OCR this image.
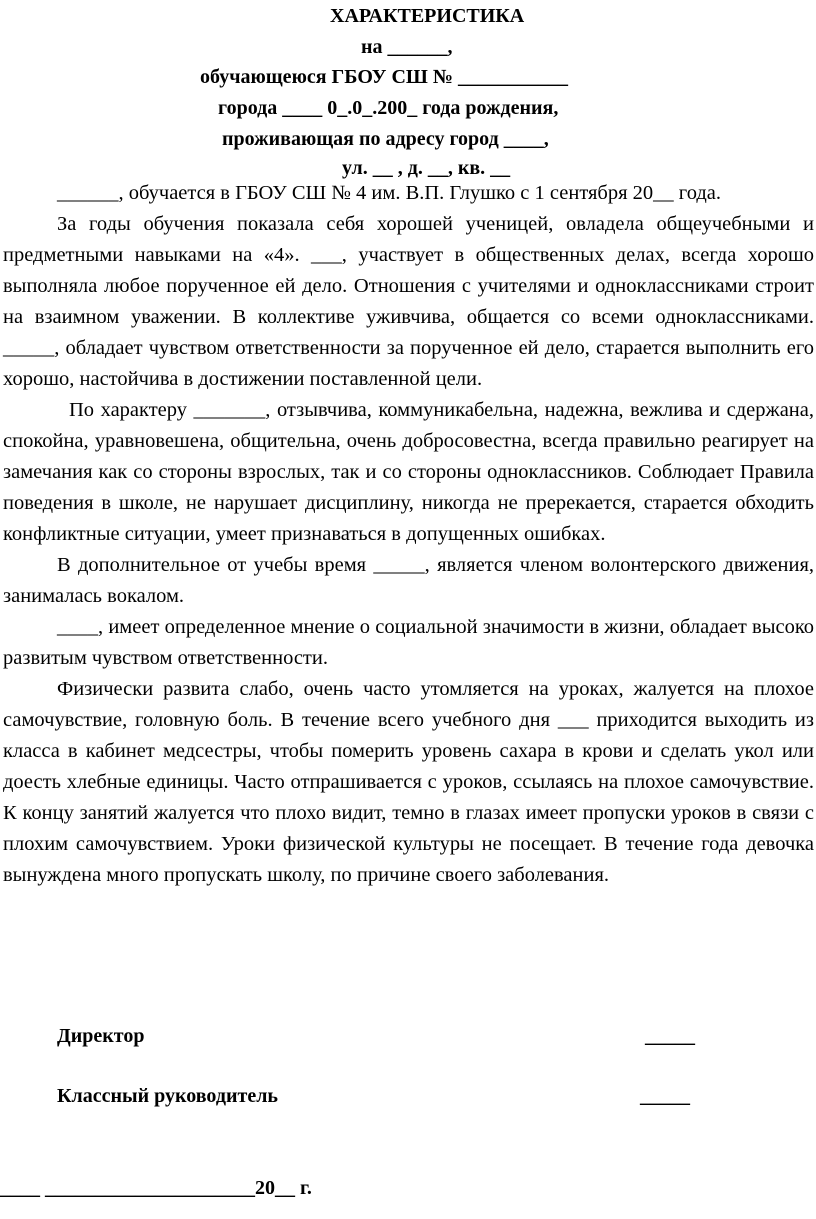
ХАРАКТЕРИСТИКА
на ______,
обучающеюся ГБОУ СШ № ___________
города ____ 0_.0_.200_ года рождения,
проживающая по адресу город ____,
ул. __ , д. __, кв. __

______, обучается в ГБОУ СШ № 4 им. В.П. Глушко с 1 сентября 20__ года.

За годы обучения показала себя хорошей ученицей, овладела общеучебными и предметными навыками на «4». ___, участвует в общественных делах, всегда хорошо выполняла любое порученное ей дело. Отношения с учителями и одноклассниками строит на взаимном уважении. В коллективе уживчива, общается со всеми одноклассниками. _____, обладает чувством ответственности за порученное ей дело, старается выполнить его хорошо, настойчива в достижении поставленной цели.

По характеру _______, отзывчива, коммуникабельна, надежна, вежлива и сдержана, спокойна, уравновешена, общительна, очень добросовестна, всегда правильно реагирует на замечания как со стороны взрослых, так и со стороны одноклассников. Соблюдает Правила поведения в школе, не нарушает дисциплину, никогда не пререкается, старается обходить конфликтные ситуации, умеет признаваться в допущенных ошибках.

В дополнительное от учебы время _____, является членом волонтерского движения, занималась вокалом.

____, имеет определенное мнение о социальной значимости в жизни, обладает высоко развитым чувством ответственности.

Физически развита слабо, очень часто утомляется на уроках, жалуется на плохое самочувствие, головную боль. В течение всего учебного дня ___ приходится выходить из класса в кабинет медсестры, чтобы померить уровень сахара в крови и сделать укол или доесть хлебные единицы. Часто отпрашивается с уроков, ссылаясь на плохое самочувствие. К концу занятий жалуется что плохо видит, темно в глазах имеет пропуски уроков в связи с плохим самочувствием. Уроки физической культуры не посещает. В течение года девочка вынуждена много пропускать школу, по причине своего заболевания.

Директор	_____
Классный руководитель	_____
____ _____________________20__ г.
